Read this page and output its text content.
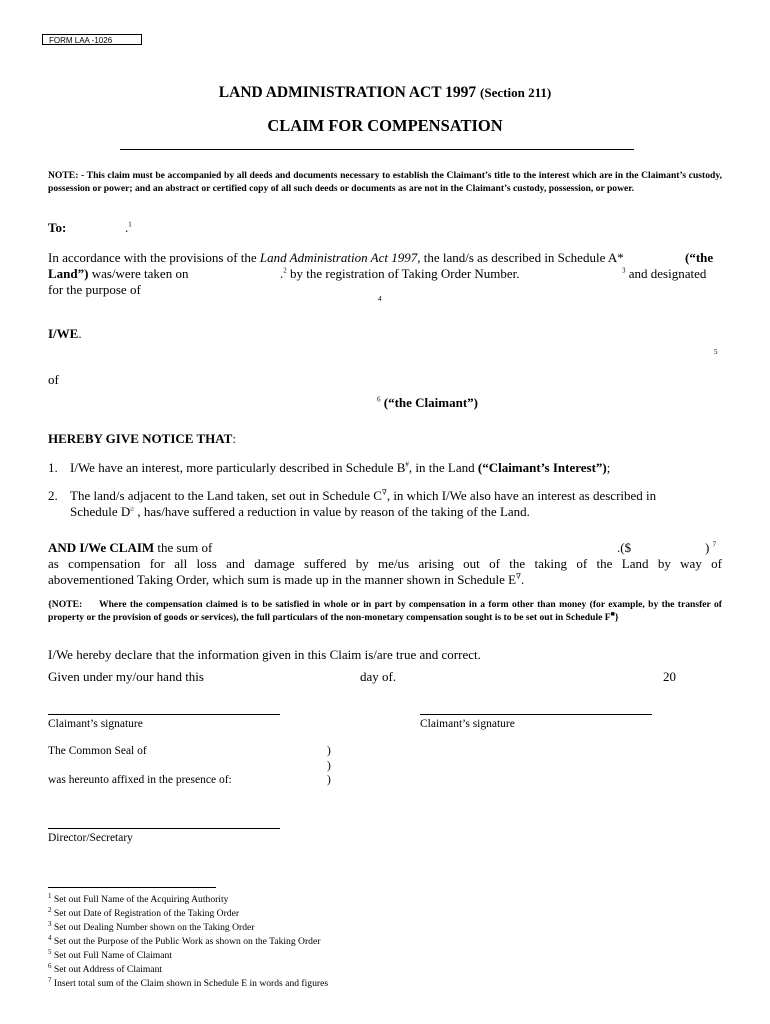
FORM LAA -1026
LAND ADMINISTRATION ACT 1997 (Section 211)
CLAIM FOR COMPENSATION
NOTE: - This claim must be accompanied by all deeds and documents necessary to establish the Claimant’s title to the interest which are in the Claimant’s custody, possession or power; and an abstract or certified copy of all such deeds or documents as are not in the Claimant’s custody, possession, or power.
To:	.$^1$
In accordance with the provisions of the Land Administration Act 1997, the land/s as described in Schedule A*	(“the
Land”) was/were taken on	.$^2$ by the registration of Taking Order Number.	$^3$ and designated
for the purpose of
4
I/WE.
5
of
$^6$ (“the Claimant”)
HEREBY GIVE NOTICE THAT:
1. I/We have an interest, more particularly described in Schedule B#, in the Land (“Claimant’s Interest”);
2. The land/s adjacent to the Land taken, set out in Schedule C∇, in which I/We also have an interest as described in
Schedule D≥ , has/have suffered a reduction in value by reason of the taking of the Land.
AND I/We CLAIM the sum of	.($	) $^7$
as compensation for all loss and damage suffered by me/us arising out of the taking of the Land by way of
abovementioned Taking Order, which sum is made up in the manner shown in Schedule E∇.
{NOTE: Where the compensation claimed is to be satisfied in whole or in part by compensation in a form other than money (for example, by the transfer of property or the provision of goods or services), the full particulars of the non-monetary compensation sought is to be set out in Schedule F■}
I/We hereby declare that the information given in this Claim is/are true and correct.
Given under my/our hand this	day of.	20
Claimant’s signature	Claimant’s signature
The Common Seal of	)
)
was hereunto affixed in the presence of:	)
Director/Secretary
$^1$ Set out Full Name of the Acquiring Authority
$^2$ Set out Date of Registration of the Taking Order
$^3$ Set out Dealing Number shown on the Taking Order
$^4$ Set out the Purpose of the Public Work as shown on the Taking Order
$^5$ Set out Full Name of Claimant
$^6$ Set out Address of Claimant
$^7$ Insert total sum of the Claim shown in Schedule E in words and figures
